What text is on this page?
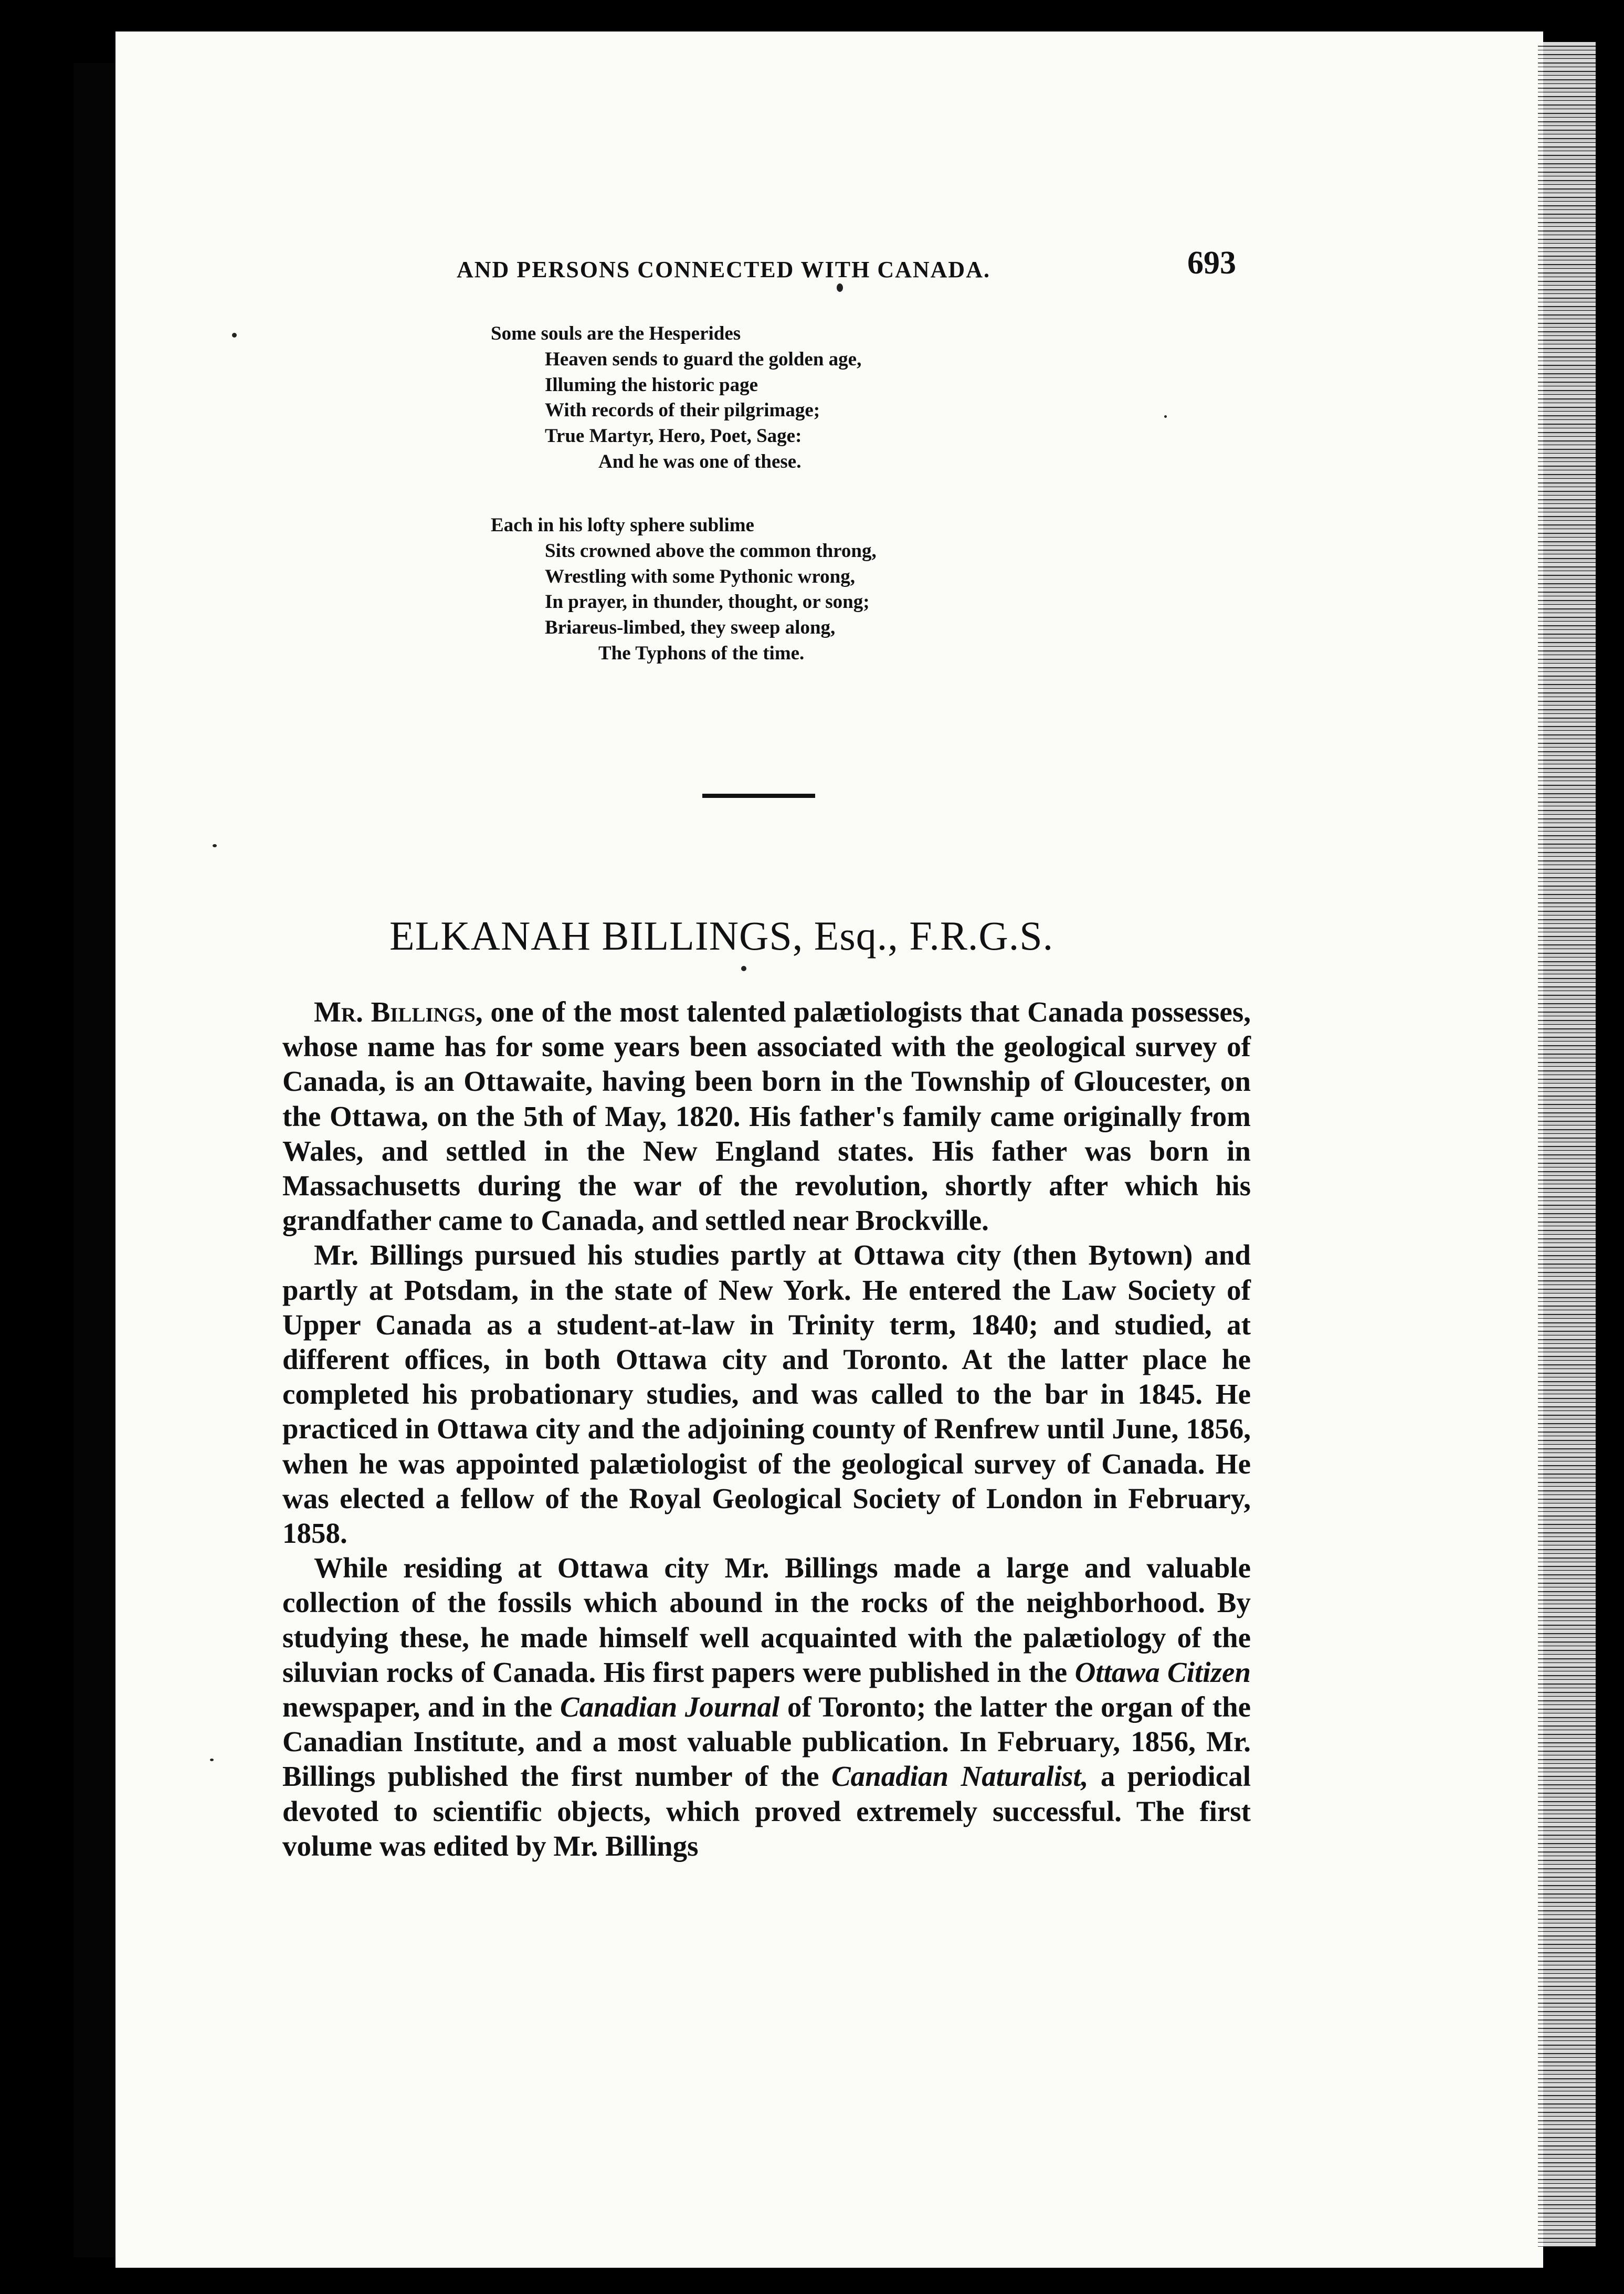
AND PERSONS CONNECTED WITH CANADA.	693
Some souls are the Hesperides
Heaven sends to guard the golden age,
Illuming the historic page
With records of their pilgrimage;
True Martyr, Hero, Poet, Sage:
And he was one of these.
Each in his lofty sphere sublime
Sits crowned above the common throng,
Wrestling with some Pythonic wrong,
In prayer, in thunder, thought, or song;
Briareus-limbed, they sweep along,
The Typhons of the time.
ELKANAH BILLINGS, Esq., F.R.G.S.

Mr. Billings, one of the most talented palætiologists that Canada possesses, whose name has for some years been associated with the geological survey of Canada, is an Ottawaite, having been born in the Township of Gloucester, on the Ottawa, on the 5th of May, 1820. His father's family came originally from Wales, and settled in the New England states. His father was born in Massachusetts during the war of the revolution, shortly after which his grandfather came to Canada, and settled near Brockville.

Mr. Billings pursued his studies partly at Ottawa city (then Bytown) and partly at Potsdam, in the state of New York. He entered the Law Society of Upper Canada as a student-at-law in Trinity term, 1840; and studied, at different offices, in both Ottawa city and Toronto. At the latter place he completed his probationary studies, and was called to the bar in 1845. He practiced in Ottawa city and the adjoining county of Renfrew until June, 1856, when he was appointed palætiologist of the geological survey of Canada. He was elected a fellow of the Royal Geological Society of London in February, 1858.

While residing at Ottawa city Mr. Billings made a large and valuable collection of the fossils which abound in the rocks of the neighborhood. By studying these, he made himself well acquainted with the palætiology of the siluvian rocks of Canada. His first papers were published in the Ottawa Citizen newspaper, and in the Canadian Journal of Toronto; the latter the organ of the Canadian Institute, and a most valuable publication. In February, 1856, Mr. Billings published the first number of the Canadian Naturalist, a periodical devoted to scientific objects, which proved extremely successful. The first volume was edited by Mr. Billings
